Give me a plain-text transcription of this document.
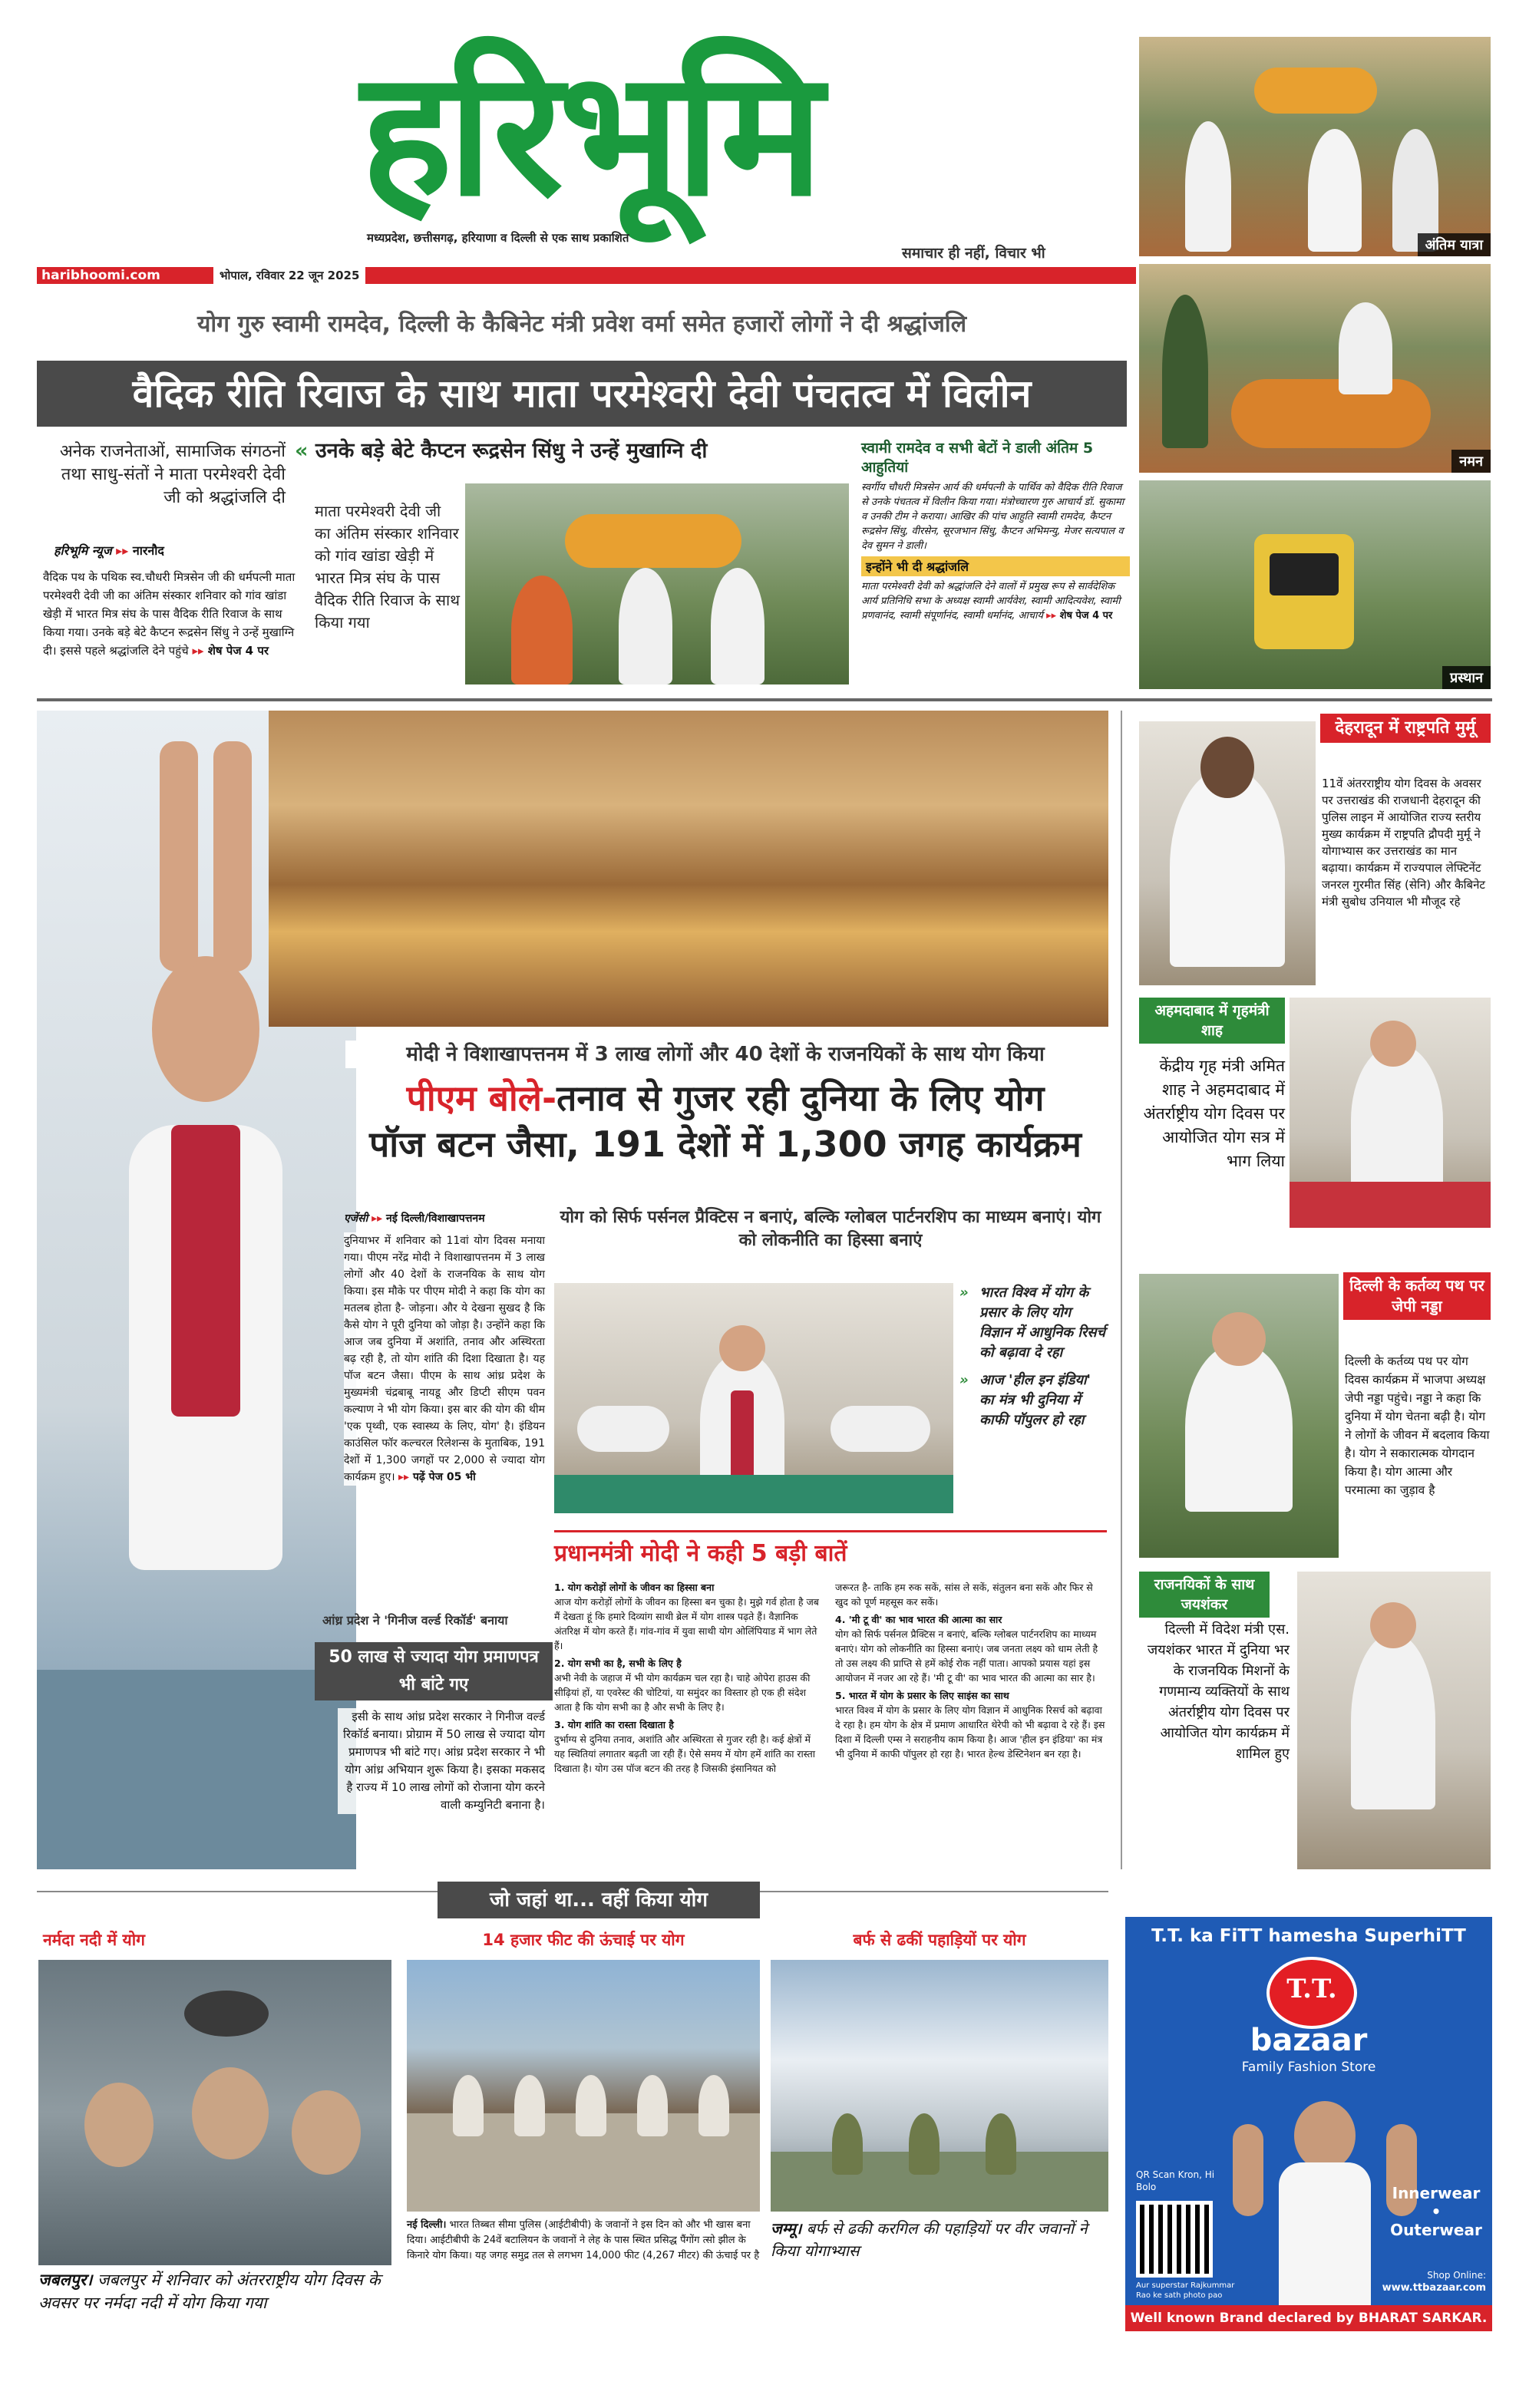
हरिभूमि
मध्यप्रदेश, छत्तीसगढ़, हरियाणा व दिल्ली से एक साथ प्रकाशित
समाचार ही नहीं, विचार भी
haribhoomi.com	भोपाल, रविवार 22 जून 2025
अंतिम यात्रा
नमन
प्रस्थान
योग गुरु स्वामी रामदेव, दिल्ली के कैबिनेट मंत्री प्रवेश वर्मा समेत हजारों लोगों ने दी श्रद्धांजलि
वैदिक रीति रिवाज के साथ माता परमेश्वरी देवी पंचतत्व में विलीन
अनेक राजनेताओं, सामाजिक संगठनों तथा साधु-संतों ने माता परमेश्वरी देवी जी को श्रद्धांजलि दी
हरिभूमि न्यूज ▸▸ नारनौद
वैदिक पथ के पथिक स्व.चौधरी मित्रसेन जी की धर्मपत्नी माता परमेश्वरी देवी जी का अंतिम संस्कार शनिवार को गांव खांडा खेड़ी में भारत मित्र संघ के पास वैदिक रीति रिवाज के साथ किया गया। उनके बड़े बेटे कैप्टन रूद्रसेन सिंधु ने उन्हें मुखाग्नि दी। इससे पहले श्रद्धांजलि देने पहुंचे ▸▸ शेष पेज 4 पर
« उनके बड़े बेटे कैप्टन रूद्रसेन सिंधु ने उन्हें मुखाग्नि दी
माता परमेश्वरी देवी जी का अंतिम संस्कार शनिवार को गांव खांडा खेड़ी में भारत मित्र संघ के पास वैदिक रीति रिवाज के साथ किया गया
स्वामी रामदेव व सभी बेटों ने डाली अंतिम 5 आहुतियां
स्वर्गीय चौधरी मित्रसेन आर्य की धर्मपत्नी के पार्थिव को वैदिक रीति रिवाज से उनके पंचतत्व में विलीन किया गया। मंत्रोच्चारण गुरु आचार्य डॉ. सुकामा व उनकी टीम ने कराया। आखिर की पांच आहुति स्वामी रामदेव, कैप्टन रूद्रसेन सिंधु, वीरसेन, सूरजभान सिंधु, कैप्टन अभिमन्यु, मेजर सत्यपाल व देव सुमन ने डाली।
इन्होंने भी दी श्रद्धांजलि
माता परमेश्वरी देवी को श्रद्धांजलि देने वालों में प्रमुख रूप से सार्वदेशिक आर्य प्रतिनिधि सभा के अध्यक्ष स्वामी आर्यवेश, स्वामी आदित्यवेश, स्वामी प्रणवानंद, स्वामी संपूर्णानंद, स्वामी धर्मानंद, आचार्य ▸▸ शेष पेज 4 पर
मोदी ने विशाखापत्तनम में 3 लाख लोगों और 40 देशों के राजनयिकों के साथ योग किया
पीएम बोले-तनाव से गुजर रही दुनिया के लिए योग
पॉज बटन जैसा, 191 देशों में 1,300 जगह कार्यक्रम
एजेंसी ▸▸ नई दिल्ली/विशाखापत्तनम
दुनियाभर में शनिवार को 11वां योग दिवस मनाया गया। पीएम नरेंद्र मोदी ने विशाखापत्तनम में 3 लाख लोगों और 40 देशों के राजनयिक के साथ योग किया। इस मौके पर पीएम मोदी ने कहा कि योग का मतलब होता है- जोड़ना। और ये देखना सुखद है कि कैसे योग ने पूरी दुनिया को जोड़ा है। उन्होंने कहा कि आज जब दुनिया में अशांति, तनाव और अस्थिरता बढ़ रही है, तो योग शांति की दिशा दिखाता है। यह पॉज बटन जैसा। पीएम के साथ आंध्र प्रदेश के मुख्यमंत्री चंद्रबाबू नायडू और डिप्टी सीएम पवन कल्याण ने भी योग किया। इस बार की योग की थीम 'एक पृथ्वी, एक स्वास्थ्य के लिए, योग' है। इंडियन काउंसिल फॉर कल्चरल रिलेशन्स के मुताबिक, 191 देशों में 1,300 जगहों पर 2,000 से ज्यादा योग कार्यक्रम हुए। ▸▸ पढ़ें पेज 05 भी
योग को सिर्फ पर्सनल प्रैक्टिस न बनाएं, बल्कि ग्लोबल पार्टनरशिप का माध्यम बनाएं। योग को लोकनीति का हिस्सा बनाएं
» भारत विश्व में योग के प्रसार के लिए योग विज्ञान में आधुनिक रिसर्च को बढ़ावा दे रहा
» आज 'हील इन इंडिया' का मंत्र भी दुनिया में काफी पॉपुलर हो रहा
आंध्र प्रदेश ने 'गिनीज वर्ल्ड रिकॉर्ड' बनाया
50 लाख से ज्यादा योग प्रमाणपत्र भी बांटे गए
इसी के साथ आंध्र प्रदेश सरकार ने गिनीज वर्ल्ड रिकॉर्ड बनाया। प्रोग्राम में 50 लाख से ज्यादा योग प्रमाणपत्र भी बांटे गए। आंध्र प्रदेश सरकार ने भी योग आंध्र अभियान शुरू किया है। इसका मकसद है राज्य में 10 लाख लोगों को रोजाना योग करने वाली कम्युनिटी बनाना है।
प्रधानमंत्री मोदी ने कही 5 बड़ी बातें
1. योग करोड़ों लोगों के जीवन का हिस्सा बना
आज योग करोड़ों लोगों के जीवन का हिस्सा बन चुका है। मुझे गर्व होता है जब मैं देखता हूं कि हमारे दिव्यांग साथी ब्रेल में योग शास्त्र पढ़ते हैं। वैज्ञानिक अंतरिक्ष में योग करते हैं। गांव-गांव में युवा साथी योग ओलिंपियाड में भाग लेते हैं।
2. योग सभी का है, सभी के लिए है
अभी नेवी के जहाज में भी योग कार्यक्रम चल रहा है। चाहे ओपेरा हाउस की सीढ़ियां हों, या एवरेस्ट की चोटियां, या समुंदर का विस्तार हो एक ही संदेश आता है कि योग सभी का है और सभी के लिए है।
3. योग शांति का रास्ता दिखाता है
दुर्भाग्य से दुनिया तनाव, अशांति और अस्थिरता से गुजर रही है। कई क्षेत्रों में यह स्थितियां लगातार बढ़ती जा रही हैं। ऐसे समय में योग हमें शांति का रास्ता दिखाता है। योग उस पॉज बटन की तरह है जिसकी इंसानियत को
जरूरत है- ताकि हम रुक सकें, सांस ले सकें, संतुलन बना सकें और फिर से खुद को पूर्ण महसूस कर सकें।
4. 'मी टू वी' का भाव भारत की आत्मा का सार
योग को सिर्फ पर्सनल प्रैक्टिस न बनाएं, बल्कि ग्लोबल पार्टनरशिप का माध्यम बनाएं। योग को लोकनीति का हिस्सा बनाएं। जब जनता लक्ष्य को धाम लेती है तो उस लक्ष्य की प्राप्ति से हमें कोई रोक नहीं पाता। आपको प्रयास यहां इस आयोजन में नजर आ रहे हैं। 'मी टू वी' का भाव भारत की आत्मा का सार है।
5. भारत में योग के प्रसार के लिए साइंस का साथ
भारत विश्व में योग के प्रसार के लिए योग विज्ञान में आधुनिक रिसर्च को बढ़ावा दे रहा है। हम योग के क्षेत्र में प्रमाण आधारित थेरेपी को भी बढ़ावा दे रहे हैं। इस दिशा में दिल्ली एम्स ने सराहनीय काम किया है। आज 'हील इन इंडिया' का मंत्र भी दुनिया में काफी पॉपुलर हो रहा है। भारत हेल्थ डेस्टिनेशन बन रहा है।
देहरादून में राष्ट्रपति मुर्मू
11वें अंतरराष्ट्रीय योग दिवस के अवसर पर उत्तराखंड की राजधानी देहरादून की पुलिस लाइन में आयोजित राज्य स्तरीय मुख्य कार्यक्रम में राष्ट्रपति द्रौपदी मुर्मू ने योगाभ्यास कर उत्तराखंड का मान बढ़ाया। कार्यक्रम में राज्यपाल लेफ्टिनेंट जनरल गुरमीत सिंह (सेनि) और कैबिनेट मंत्री सुबोध उनियाल भी मौजूद रहे
अहमदाबाद में गृहमंत्री शाह
केंद्रीय गृह मंत्री अमित शाह ने अहमदाबाद में अंतर्राष्ट्रीय योग दिवस पर आयोजित योग सत्र में भाग लिया
दिल्ली के कर्तव्य पथ पर जेपी नड्डा
दिल्ली के कर्तव्य पथ पर योग दिवस कार्यक्रम में भाजपा अध्यक्ष जेपी नड्डा पहुंचे। नड्डा ने कहा कि दुनिया में योग चेतना बढ़ी है। योग ने लोगों के जीवन में बदलाव किया है। योग ने सकारात्मक योगदान किया है। योग आत्मा और परमात्मा का जुड़ाव है
राजनयिकों के साथ जयशंकर
दिल्ली में विदेश मंत्री एस. जयशंकर भारत में दुनिया भर के राजनयिक मिशनों के गणमान्य व्यक्तियों के साथ अंतर्राष्ट्रीय योग दिवस पर आयोजित योग कार्यक्रम में शामिल हुए
जो जहां था... वहीं किया योग
नर्मदा नदी में योग
जबलपुर। जबलपुर में शनिवार को अंतरराष्ट्रीय योग दिवस के अवसर पर नर्मदा नदी में योग किया गया
14 हजार फीट की ऊंचाई पर योग
नई दिल्ली। भारत तिब्बत सीमा पुलिस (आईटीबीपी) के जवानों ने इस दिन को और भी खास बना दिया। आईटीबीपी के 24वें बटालियन के जवानों ने लेह के पास स्थित प्रसिद्ध पैंगोंग त्सो झील के किनारे योग किया। यह जगह समुद्र तल से लगभग 14,000 फीट (4,267 मीटर) की ऊंचाई पर है
बर्फ से ढकीं पहाड़ियों पर योग
जम्मू। बर्फ से ढकी करगिल की पहाड़ियों पर वीर जवानों ने किया योगाभ्यास
T.T. ka FiTT hamesha SuperhiTT
T.T.
bazaar
Family Fashion Store
QR Scan Kron, Hi Bolo
Aur superstar Rajkummar Rao ke sath photo pao
Innerwear
•
Outerwear
Shop Online:
www.ttbazaar.com
Well known Brand declared by BHARAT SARKAR.
